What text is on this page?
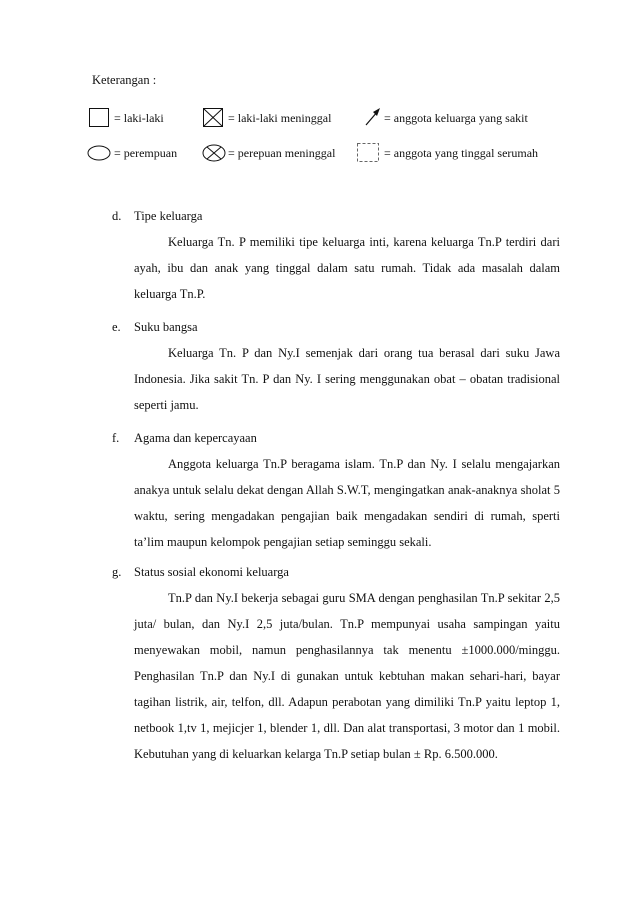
Keterangan :
= laki-laki	= laki-laki meninggal	= anggota keluarga yang sakit
= perempuan	= perepuan meninggal	= anggota yang tinggal serumah
d.	Tipe keluarga

Keluarga Tn. P memiliki tipe keluarga inti, karena keluarga Tn.P terdiri dari ayah, ibu dan anak yang tinggal dalam satu rumah. Tidak ada masalah dalam keluarga Tn.P.

e.	Suku bangsa

Keluarga Tn. P dan Ny.I semenjak dari orang tua berasal dari suku Jawa Indonesia. Jika sakit Tn. P dan Ny. I sering menggunakan obat – obatan tradisional seperti jamu.

f.	Agama dan kepercayaan

Anggota keluarga Tn.P beragama islam. Tn.P dan Ny. I selalu mengajarkan anakya untuk selalu dekat dengan Allah S.W.T, mengingatkan anak-anaknya sholat 5 waktu, sering mengadakan pengajian baik mengadakan sendiri di rumah, sperti ta’lim maupun kelompok pengajian setiap seminggu sekali.

g.	Status sosial ekonomi keluarga

Tn.P dan Ny.I bekerja sebagai guru SMA dengan penghasilan Tn.P sekitar 2,5 juta/ bulan, dan Ny.I 2,5 juta/bulan. Tn.P mempunyai usaha sampingan yaitu menyewakan mobil, namun penghasilannya tak menentu ±1000.000/minggu. Penghasilan Tn.P dan Ny.I di gunakan untuk kebtuhan makan sehari-hari, bayar tagihan listrik, air, telfon, dll. Adapun perabotan yang dimiliki Tn.P yaitu leptop 1, netbook 1,tv 1, mejicjer 1, blender 1, dll. Dan alat transportasi, 3 motor dan 1 mobil. Kebutuhan yang di keluarkan kelarga Tn.P setiap bulan ± Rp. 6.500.000.
